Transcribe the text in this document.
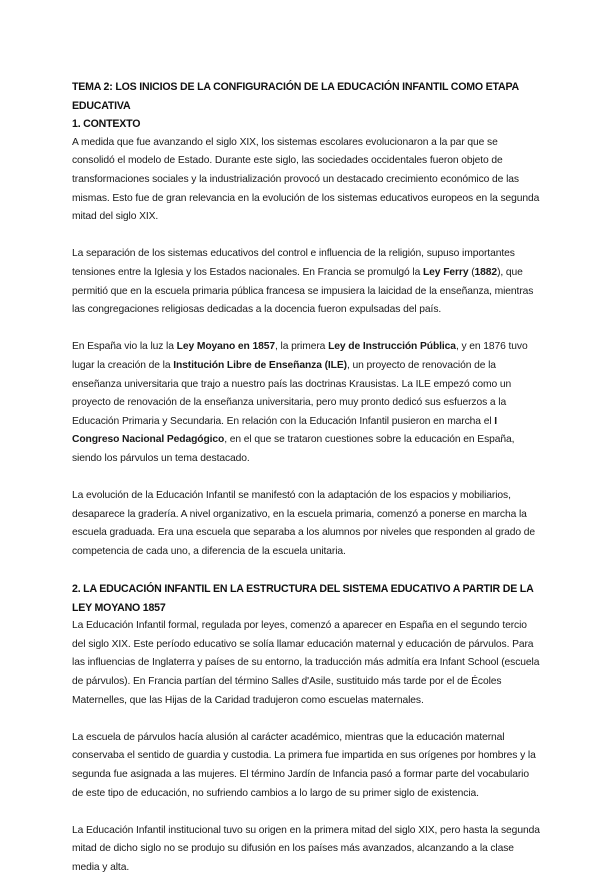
TEMA 2: LOS INICIOS DE LA CONFIGURACIÓN DE LA EDUCACIÓN INFANTIL COMO ETAPA EDUCATIVA

1. CONTEXTO

A medida que fue avanzando el siglo XIX, los sistemas escolares evolucionaron a la par que se consolidó el modelo de Estado. Durante este siglo, las sociedades occidentales fueron objeto de transformaciones sociales y la industrialización provocó un destacado crecimiento económico de las mismas. Esto fue de gran relevancia en la evolución de los sistemas educativos europeos en la segunda mitad del siglo XIX.

La separación de los sistemas educativos del control e influencia de la religión, supuso importantes tensiones entre la Iglesia y los Estados nacionales. En Francia se promulgó la Ley Ferry (1882), que permitió que en la escuela primaria pública francesa se impusiera la laicidad de la enseñanza, mientras las congregaciones religiosas dedicadas a la docencia fueron expulsadas del país.

En España vio la luz la Ley Moyano en 1857, la primera Ley de Instrucción Pública, y en 1876 tuvo lugar la creación de la Institución Libre de Enseñanza (ILE), un proyecto de renovación de la enseñanza universitaria que trajo a nuestro país las doctrinas Krausistas. La ILE empezó como un proyecto de renovación de la enseñanza universitaria, pero muy pronto dedicó sus esfuerzos a la Educación Primaria y Secundaria. En relación con la Educación Infantil pusieron en marcha el I Congreso Nacional Pedagógico, en el que se trataron cuestiones sobre la educación en España, siendo los párvulos un tema destacado.

La evolución de la Educación Infantil se manifestó con la adaptación de los espacios y mobiliarios, desaparece la gradería. A nivel organizativo, en la escuela primaria, comenzó a ponerse en marcha la escuela graduada. Era una escuela que separaba a los alumnos por niveles que responden al grado de competencia de cada uno, a diferencia de la escuela unitaria.

2. LA EDUCACIÓN INFANTIL EN LA ESTRUCTURA DEL SISTEMA EDUCATIVO A PARTIR DE LA LEY MOYANO 1857

La Educación Infantil formal, regulada por leyes, comenzó a aparecer en España en el segundo tercio del siglo XIX. Este período educativo se solía llamar educación maternal y educación de párvulos. Para las influencias de Inglaterra y países de su entorno, la traducción más admitía era Infant School (escuela de párvulos). En Francia partían del término Salles d'Asile, sustituido más tarde por el de Écoles Maternelles, que las Hijas de la Caridad tradujeron como escuelas maternales.

La escuela de párvulos hacía alusión al carácter académico, mientras que la educación maternal conservaba el sentido de guardia y custodia. La primera fue impartida en sus orígenes por hombres y la segunda fue asignada a las mujeres. El término Jardín de Infancia pasó a formar parte del vocabulario de este tipo de educación, no sufriendo cambios a lo largo de su primer siglo de existencia.

La Educación Infantil institucional tuvo su origen en la primera mitad del siglo XIX, pero hasta la segunda mitad de dicho siglo no se produjo su difusión en los países más avanzados, alcanzando a la clase media y alta.
